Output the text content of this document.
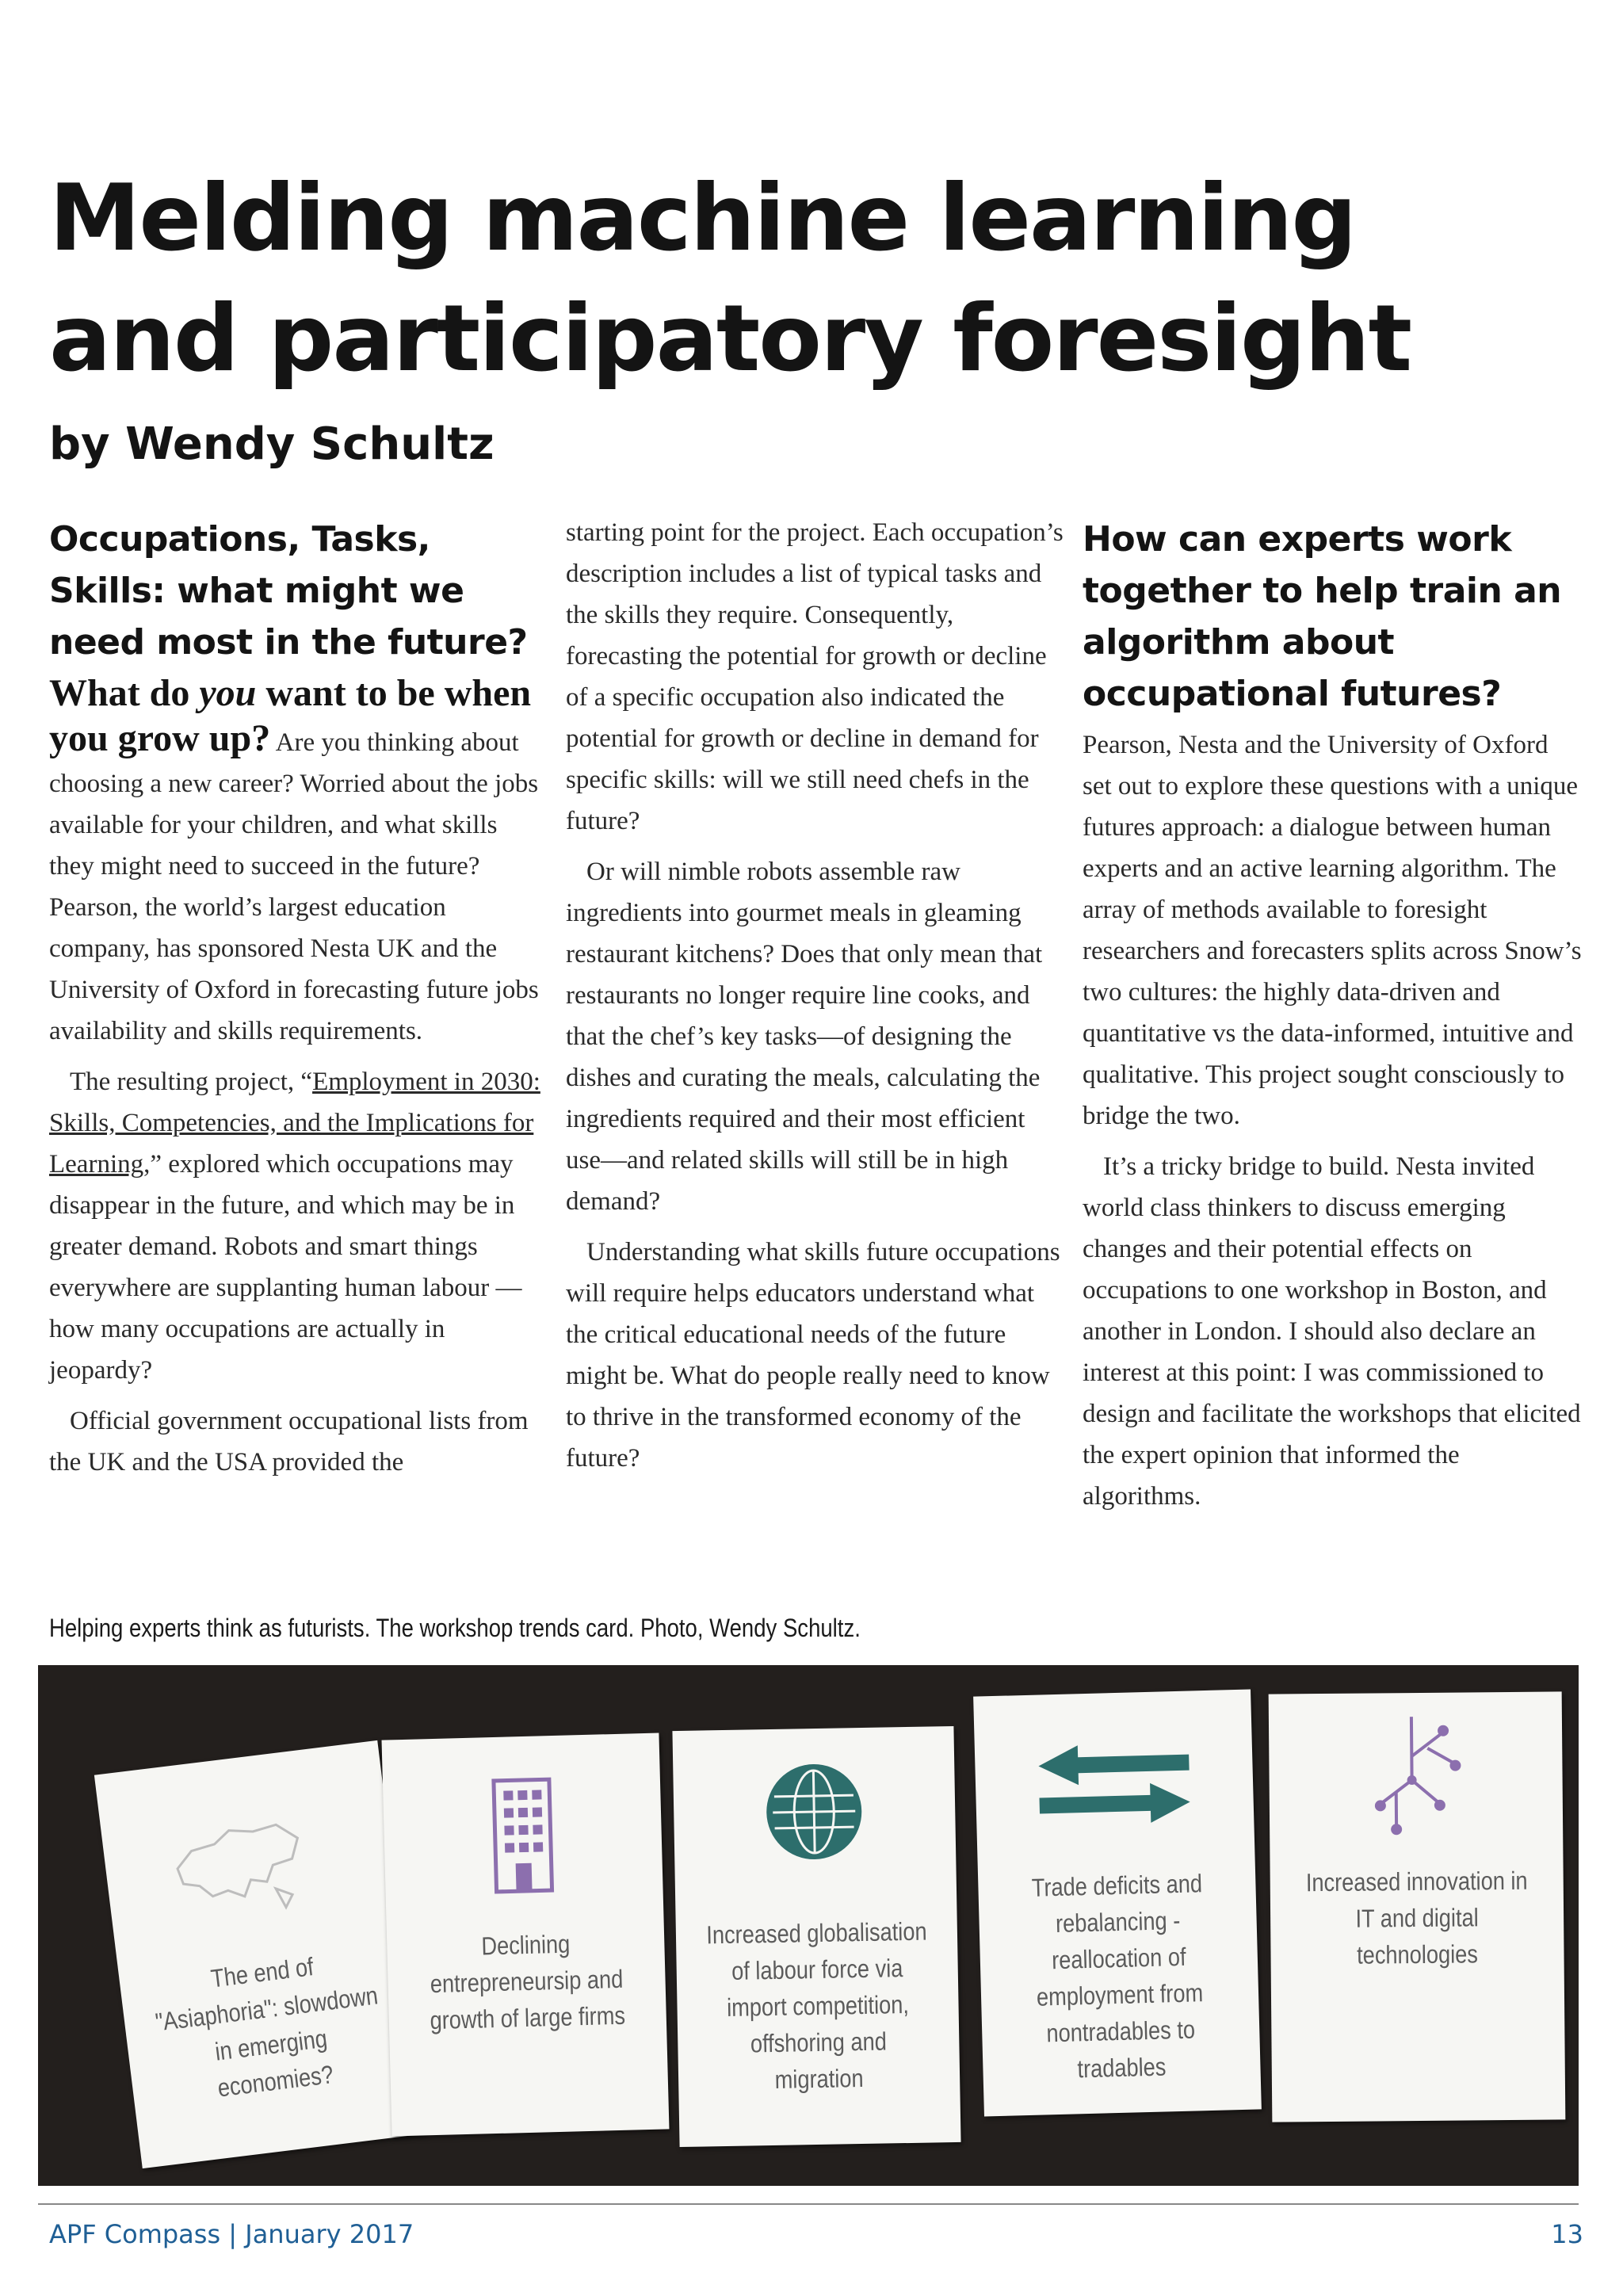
Melding machine learning and participatory foresight

by Wendy Schultz

Occupations, Tasks, Skills: what might we need most in the future?

What do you want to be when you grow up? Are you thinking about choosing a new career? Worried about the jobs available for your children, and what skills they might need to succeed in the future? Pearson, the world’s largest education company, has sponsored Nesta UK and the University of Oxford in forecasting future jobs availability and skills requirements.

The resulting project, “Employment in 2030: Skills, Competencies, and the Implications for Learning,” explored which occupations may disappear in the future, and which may be in greater demand. Robots and smart things everywhere are supplanting human labour —how many occupations are actually in jeopardy?

Official government occupational lists from the UK and the USA provided the

starting point for the project. Each occupation’s description includes a list of typical tasks and the skills they require. Consequently, forecasting the potential for growth or decline of a specific occupation also indicated the potential for growth or decline in demand for specific skills: will we still need chefs in the future?

Or will nimble robots assemble raw ingredients into gourmet meals in gleaming restaurant kitchens? Does that only mean that restaurants no longer require line cooks, and that the chef’s key tasks—of designing the dishes and curating the meals, calculating the ingredients required and their most efficient use—and related skills will still be in high demand?

Understanding what skills future occupations will require helps educators understand what the critical educational needs of the future might be. What do people really need to know to thrive in the transformed economy of the future?

How can experts work together to help train an algorithm about occupational futures?

Pearson, Nesta and the University of Oxford set out to explore these questions with a unique futures approach: a dialogue between human experts and an active learning algorithm. The array of methods available to foresight researchers and forecasters splits across Snow’s two cultures: the highly data-driven and quantitative vs the data-informed, intuitive and qualitative. This project sought consciously to bridge the two.

It’s a tricky bridge to build. Nesta invited world class thinkers to discuss emerging changes and their potential effects on occupations to one workshop in Boston, and another in London. I should also declare an interest at this point: I was commissioned to design and facilitate the workshops that elicited the expert opinion that informed the algorithms.

Helping experts think as futurists. The workshop trends card. Photo, Wendy Schultz.

The end of "Asiaphoria": slowdown in emerging economies?
Declining entrepreneursip and growth of large firms
Increased globalisation of labour force via import competition, offshoring and migration
Trade deficits and rebalancing - reallocation of employment from nontradables to tradables
Increased innovation in IT and digital technologies

APF Compass | January 2017	13
